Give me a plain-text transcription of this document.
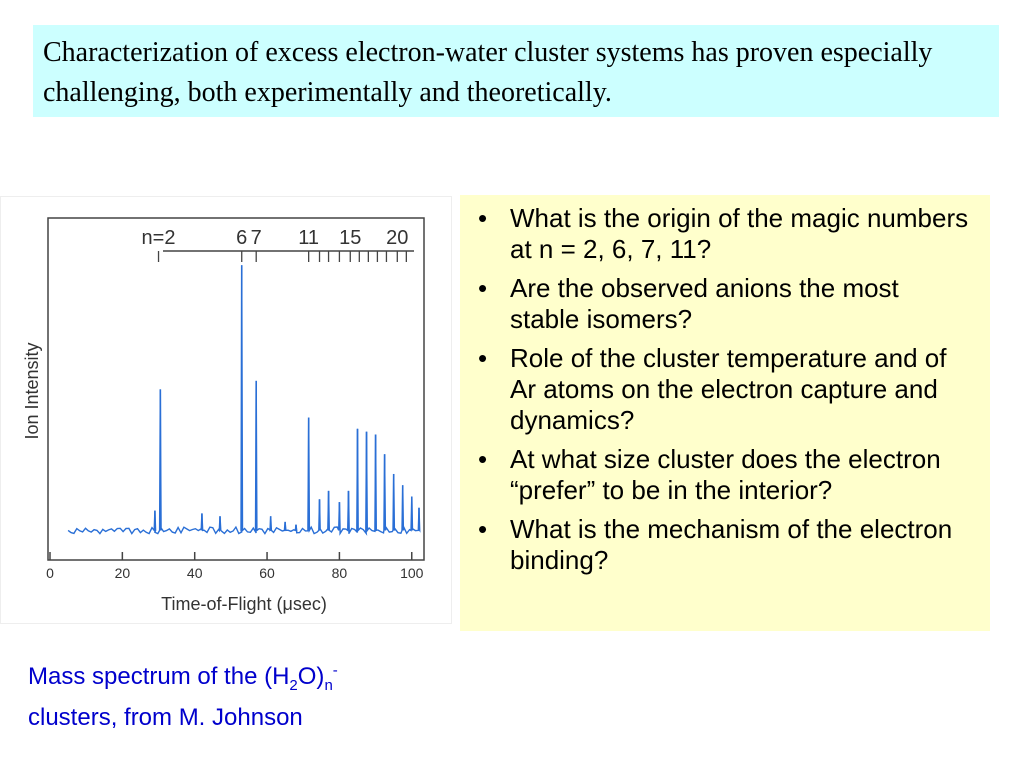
Characterization of excess electron-water cluster systems has proven especially challenging, both experimentally and theoretically.
n=2	6 7 11 15 20
0	20	40	60	80	100
Ion Intensity
Time-of-Flight (μsec)
• What is the origin of the magic numbers at n = 2, 6, 7, 11?
• Are the observed anions the most stable isomers?
• Role of the cluster temperature and of Ar atoms on the electron capture and dynamics?
• At what size cluster does the electron “prefer” to be in the interior?
• What is the mechanism of the electron binding?
Mass spectrum of the $(H_2O)_n^-$
clusters, from M. Johnson
